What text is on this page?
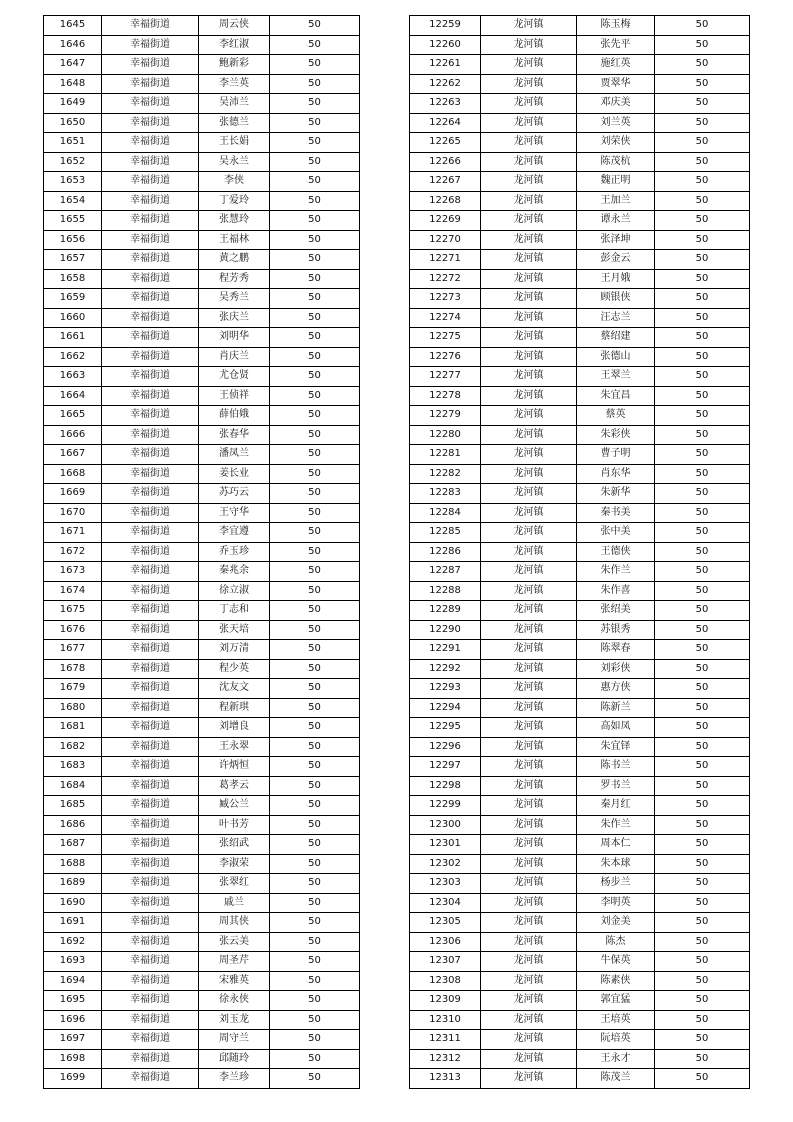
1645	幸福街道	周云侠	50
1646	幸福街道	李红淑	50
1647	幸福街道	鲍新彩	50
1648	幸福街道	李兰英	50
1649	幸福街道	吴沛兰	50
1650	幸福街道	张德兰	50
1651	幸福街道	王长娟	50
1652	幸福街道	吴永兰	50
1653	幸福街道	李侠	50
1654	幸福街道	丁爱玲	50
1655	幸福街道	张慧玲	50
1656	幸福街道	王福林	50
1657	幸福街道	黄之鹏	50
1658	幸福街道	程芳秀	50
1659	幸福街道	吴秀兰	50
1660	幸福街道	张庆兰	50
1661	幸福街道	刘明华	50
1662	幸福街道	肖庆兰	50
1663	幸福街道	尤仓贤	50
1664	幸福街道	王侦祥	50
1665	幸福街道	薛伯娥	50
1666	幸福街道	张春华	50
1667	幸福街道	潘凤兰	50
1668	幸福街道	姜长业	50
1669	幸福街道	苏巧云	50
1670	幸福街道	王守华	50
1671	幸福街道	李宜遵	50
1672	幸福街道	乔玉珍	50
1673	幸福街道	秦兆余	50
1674	幸福街道	徐立淑	50
1675	幸福街道	丁志和	50
1676	幸福街道	张天培	50
1677	幸福街道	刘万清	50
1678	幸福街道	程少英	50
1679	幸福街道	沈友文	50
1680	幸福街道	程新琪	50
1681	幸福街道	刘增良	50
1682	幸福街道	王永翠	50
1683	幸福街道	许炳恒	50
1684	幸福街道	葛孝云	50
1685	幸福街道	臧公兰	50
1686	幸福街道	叶书芳	50
1687	幸福街道	张绍武	50
1688	幸福街道	李淑荣	50
1689	幸福街道	张翠红	50
1690	幸福街道	戚兰	50
1691	幸福街道	周其侠	50
1692	幸福街道	张云美	50
1693	幸福街道	周圣芹	50
1694	幸福街道	宋雅英	50
1695	幸福街道	徐永侠	50
1696	幸福街道	刘玉龙	50
1697	幸福街道	周守兰	50
1698	幸福街道	邱随玲	50
1699	幸福街道	李兰珍	50
12259	龙河镇	陈玉梅	50
12260	龙河镇	张先平	50
12261	龙河镇	施红英	50
12262	龙河镇	贾翠华	50
12263	龙河镇	邓庆美	50
12264	龙河镇	刘兰英	50
12265	龙河镇	刘荣侠	50
12266	龙河镇	陈茂杭	50
12267	龙河镇	魏正明	50
12268	龙河镇	王加兰	50
12269	龙河镇	谭永兰	50
12270	龙河镇	张泽坤	50
12271	龙河镇	彭金云	50
12272	龙河镇	王月娥	50
12273	龙河镇	顾银侠	50
12274	龙河镇	汪志兰	50
12275	龙河镇	蔡绍建	50
12276	龙河镇	张德山	50
12277	龙河镇	王翠兰	50
12278	龙河镇	朱宜昌	50
12279	龙河镇	蔡英	50
12280	龙河镇	朱彩侠	50
12281	龙河镇	曹子明	50
12282	龙河镇	肖东华	50
12283	龙河镇	朱新华	50
12284	龙河镇	秦书美	50
12285	龙河镇	张中美	50
12286	龙河镇	王德侠	50
12287	龙河镇	朱作兰	50
12288	龙河镇	朱作喜	50
12289	龙河镇	张绍美	50
12290	龙河镇	苏银秀	50
12291	龙河镇	陈翠春	50
12292	龙河镇	刘彩侠	50
12293	龙河镇	惠方侠	50
12294	龙河镇	陈新兰	50
12295	龙河镇	高如凤	50
12296	龙河镇	朱宜铎	50
12297	龙河镇	陈书兰	50
12298	龙河镇	罗书兰	50
12299	龙河镇	秦月红	50
12300	龙河镇	朱作兰	50
12301	龙河镇	周本仁	50
12302	龙河镇	朱本球	50
12303	龙河镇	杨步兰	50
12304	龙河镇	李明英	50
12305	龙河镇	刘金美	50
12306	龙河镇	陈杰	50
12307	龙河镇	牛保英	50
12308	龙河镇	陈素侠	50
12309	龙河镇	郭宜猛	50
12310	龙河镇	王培英	50
12311	龙河镇	阮培英	50
12312	龙河镇	王永才	50
12313	龙河镇	陈茂兰	50
